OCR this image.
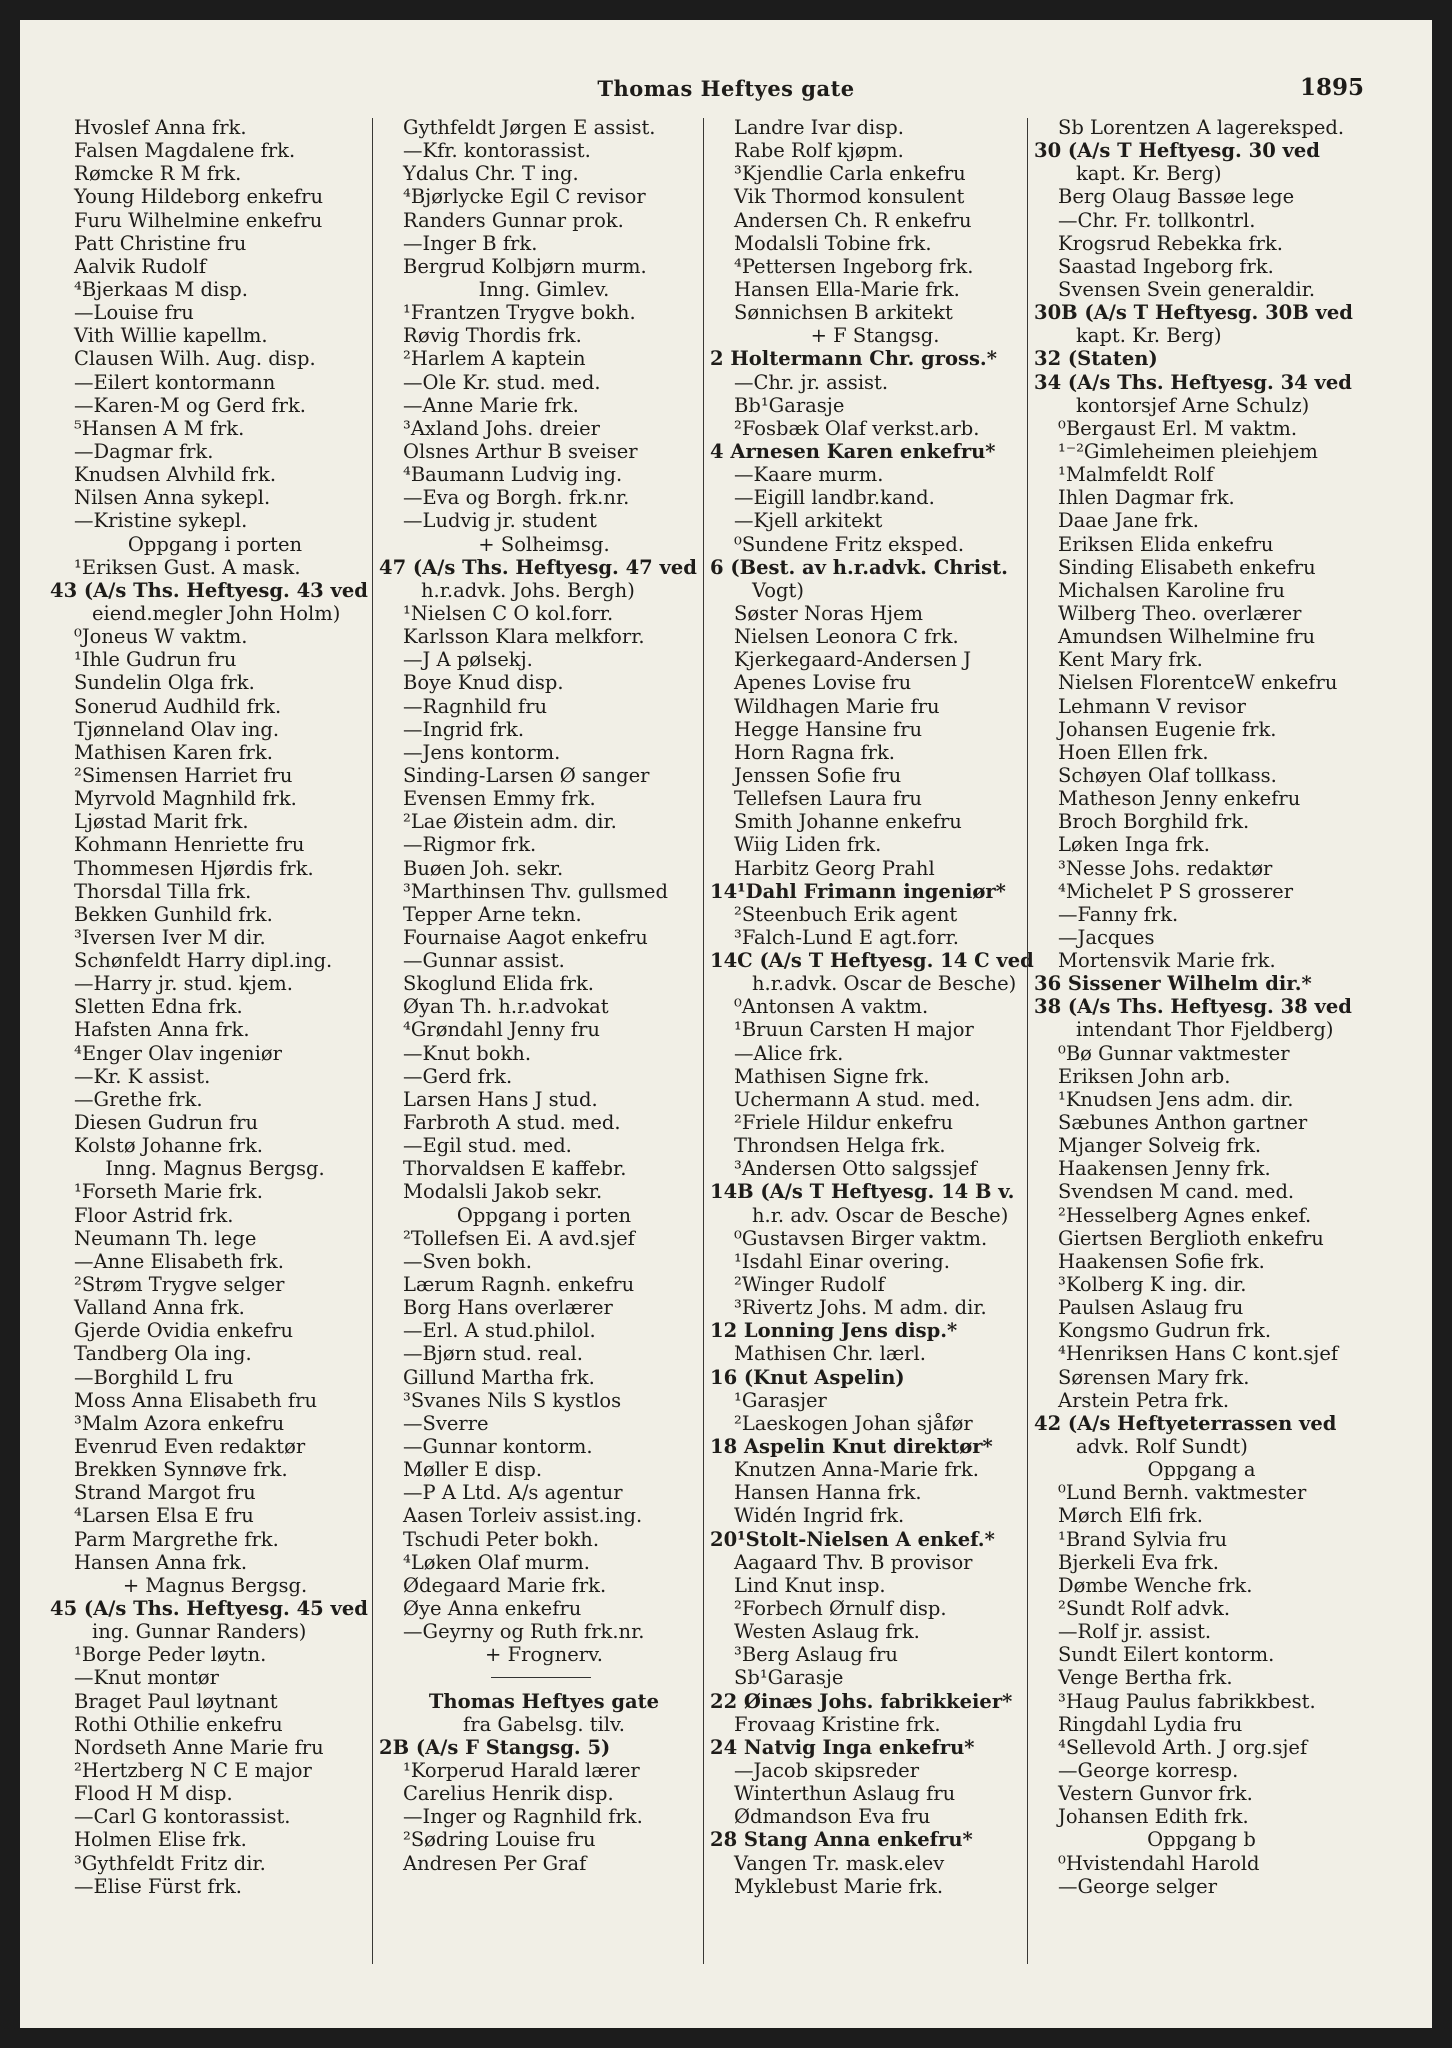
Thomas Heftyes gate	1895
Hvoslef Anna frk.
Falsen Magdalene frk.
Rømcke R M frk.
Young Hildeborg enkefru
Furu Wilhelmine enkefru
Patt Christine fru
Aalvik Rudolf
⁴Bjerkaas M disp.
—Louise fru
Vith Willie kapellm.
Clausen Wilh. Aug. disp.
—Eilert kontormann
—Karen-M og Gerd frk.
⁵Hansen A M frk.
—Dagmar frk.
Knudsen Alvhild frk.
Nilsen Anna sykepl.
—Kristine sykepl.
Oppgang i porten
¹Eriksen Gust. A mask.
43 (A/s Ths. Heftyesg. 43 ved
eiend.megler John Holm)
⁰Joneus W vaktm.
¹Ihle Gudrun fru
Sundelin Olga frk.
Sonerud Audhild frk.
Tjønneland Olav ing.
Mathisen Karen frk.
²Simensen Harriet fru
Myrvold Magnhild frk.
Ljøstad Marit frk.
Kohmann Henriette fru
Thommesen Hjørdis frk.
Thorsdal Tilla frk.
Bekken Gunhild frk.
³Iversen Iver M dir.
Schønfeldt Harry dipl.ing.
—Harry jr. stud. kjem.
Sletten Edna frk.
Hafsten Anna frk.
⁴Enger Olav ingeniør
—Kr. K assist.
—Grethe frk.
Diesen Gudrun fru
Kolstø Johanne frk.
Inng. Magnus Bergsg.
¹Forseth Marie frk.
Floor Astrid frk.
Neumann Th. lege
—Anne Elisabeth frk.
²Strøm Trygve selger
Valland Anna frk.
Gjerde Ovidia enkefru
Tandberg Ola ing.
—Borghild L fru
Moss Anna Elisabeth fru
³Malm Azora enkefru
Evenrud Even redaktør
Brekken Synnøve frk.
Strand Margot fru
⁴Larsen Elsa E fru
Parm Margrethe frk.
Hansen Anna frk.
+ Magnus Bergsg.
45 (A/s Ths. Heftyesg. 45 ved
ing. Gunnar Randers)
¹Borge Peder løytn.
—Knut montør
Braget Paul løytnant
Rothi Othilie enkefru
Nordseth Anne Marie fru
²Hertzberg N C E major
Flood H M disp.
—Carl G kontorassist.
Holmen Elise frk.
³Gythfeldt Fritz dir.
—Elise Fürst frk.
Gythfeldt Jørgen E assist.
—Kfr. kontorassist.
Ydalus Chr. T ing.
⁴Bjørlycke Egil C revisor
Randers Gunnar prok.
—Inger B frk.
Bergrud Kolbjørn murm.
Inng. Gimlev.
¹Frantzen Trygve bokh.
Røvig Thordis frk.
²Harlem A kaptein
—Ole Kr. stud. med.
—Anne Marie frk.
³Axland Johs. dreier
Olsnes Arthur B sveiser
⁴Baumann Ludvig ing.
—Eva og Borgh. frk.nr.
—Ludvig jr. student
+ Solheimsg.
47 (A/s Ths. Heftyesg. 47 ved
h.r.advk. Johs. Bergh)
¹Nielsen C O kol.forr.
Karlsson Klara melkforr.
—J A pølsekj.
Boye Knud disp.
—Ragnhild fru
—Ingrid frk.
—Jens kontorm.
Sinding-Larsen Ø sanger
Evensen Emmy frk.
²Lae Øistein adm. dir.
—Rigmor frk.
Buøen Joh. sekr.
³Marthinsen Thv. gullsmed
Tepper Arne tekn.
Fournaise Aagot enkefru
—Gunnar assist.
Skoglund Elida frk.
Øyan Th. h.r.advokat
⁴Grøndahl Jenny fru
—Knut bokh.
—Gerd frk.
Larsen Hans J stud.
Farbroth A stud. med.
—Egil stud. med.
Thorvaldsen E kaffebr.
Modalsli Jakob sekr.
Oppgang i porten
²Tollefsen Ei. A avd.sjef
—Sven bokh.
Lærum Ragnh. enkefru
Borg Hans overlærer
—Erl. A stud.philol.
—Bjørn stud. real.
Gillund Martha frk.
³Svanes Nils S kystlos
—Sverre
—Gunnar kontorm.
Møller E disp.
—P A Ltd. A/s agentur
Aasen Torleiv assist.ing.
Tschudi Peter bokh.
⁴Løken Olaf murm.
Ødegaard Marie frk.
Øye Anna enkefru
—Geyrny og Ruth frk.nr.
+ Frognerv.
Thomas Heftyes gate
fra Gabelsg. tilv.
2B (A/s F Stangsg. 5)
¹Korperud Harald lærer
Carelius Henrik disp.
—Inger og Ragnhild frk.
²Sødring Louise fru
Andresen Per Graf
Landre Ivar disp.
Rabe Rolf kjøpm.
³Kjendlie Carla enkefru
Vik Thormod konsulent
Andersen Ch. R enkefru
Modalsli Tobine frk.
⁴Pettersen Ingeborg frk.
Hansen Ella-Marie frk.
Sønnichsen B arkitekt
+ F Stangsg.
2 Holtermann Chr. gross.*
—Chr. jr. assist.
Bb¹Garasje
²Fosbæk Olaf verkst.arb.
4 Arnesen Karen enkefru*
—Kaare murm.
—Eigill landbr.kand.
—Kjell arkitekt
⁰Sundene Fritz eksped.
6 (Best. av h.r.advk. Christ.
Vogt)
Søster Noras Hjem
Nielsen Leonora C frk.
Kjerkegaard-Andersen J
Apenes Lovise fru
Wildhagen Marie fru
Hegge Hansine fru
Horn Ragna frk.
Jenssen Sofie fru
Tellefsen Laura fru
Smith Johanne enkefru
Wiig Liden frk.
Harbitz Georg Prahl
14¹Dahl Frimann ingeniør*
²Steenbuch Erik agent
³Falch-Lund E agt.forr.
14C (A/s T Heftyesg. 14 C ved
h.r.advk. Oscar de Besche)
⁰Antonsen A vaktm.
¹Bruun Carsten H major
—Alice frk.
Mathisen Signe frk.
Uchermann A stud. med.
²Friele Hildur enkefru
Throndsen Helga frk.
³Andersen Otto salgssjef
14B (A/s T Heftyesg. 14 B v.
h.r. adv. Oscar de Besche)
⁰Gustavsen Birger vaktm.
¹Isdahl Einar overing.
²Winger Rudolf
³Rivertz Johs. M adm. dir.
12 Lonning Jens disp.*
Mathisen Chr. lærl.
16 (Knut Aspelin)
¹Garasjer
²Laeskogen Johan sjåfør
18 Aspelin Knut direktør*
Knutzen Anna-Marie frk.
Hansen Hanna frk.
Widén Ingrid frk.
20¹Stolt-Nielsen A enkef.*
Aagaard Thv. B provisor
Lind Knut insp.
²Forbech Ørnulf disp.
Westen Aslaug frk.
³Berg Aslaug fru
Sb¹Garasje
22 Øinæs Johs. fabrikkeier*
Frovaag Kristine frk.
24 Natvig Inga enkefru*
—Jacob skipsreder
Winterthun Aslaug fru
Ødmandson Eva fru
28 Stang Anna enkefru*
Vangen Tr. mask.elev
Myklebust Marie frk.
Sb Lorentzen A lagereksped.
30 (A/s T Heftyesg. 30 ved
kapt. Kr. Berg)
Berg Olaug Bassøe lege
—Chr. Fr. tollkontrl.
Krogsrud Rebekka frk.
Saastad Ingeborg frk.
Svensen Svein generaldir.
30B (A/s T Heftyesg. 30B ved
kapt. Kr. Berg)
32 (Staten)
34 (A/s Ths. Heftyesg. 34 ved
kontorsjef Arne Schulz)
⁰Bergaust Erl. M vaktm.
¹⁻²Gimleheimen pleiehjem
¹Malmfeldt Rolf
Ihlen Dagmar frk.
Daae Jane frk.
Eriksen Elida enkefru
Sinding Elisabeth enkefru
Michalsen Karoline fru
Wilberg Theo. overlærer
Amundsen Wilhelmine fru
Kent Mary frk.
Nielsen FlorentceW enkefru
Lehmann V revisor
Johansen Eugenie frk.
Hoen Ellen frk.
Schøyen Olaf tollkass.
Matheson Jenny enkefru
Broch Borghild frk.
Løken Inga frk.
³Nesse Johs. redaktør
⁴Michelet P S grosserer
—Fanny frk.
—Jacques
Mortensvik Marie frk.
36 Sissener Wilhelm dir.*
38 (A/s Ths. Heftyesg. 38 ved
intendant Thor Fjeldberg)
⁰Bø Gunnar vaktmester
Eriksen John arb.
¹Knudsen Jens adm. dir.
Sæbunes Anthon gartner
Mjanger Solveig frk.
Haakensen Jenny frk.
Svendsen M cand. med.
²Hesselberg Agnes enkef.
Giertsen Berglioth enkefru
Haakensen Sofie frk.
³Kolberg K ing. dir.
Paulsen Aslaug fru
Kongsmo Gudrun frk.
⁴Henriksen Hans C kont.sjef
Sørensen Mary frk.
Arstein Petra frk.
42 (A/s Heftyeterrassen ved
advk. Rolf Sundt)
Oppgang a
⁰Lund Bernh. vaktmester
Mørch Elfi frk.
¹Brand Sylvia fru
Bjerkeli Eva frk.
Dømbe Wenche frk.
²Sundt Rolf advk.
—Rolf jr. assist.
Sundt Eilert kontorm.
Venge Bertha frk.
³Haug Paulus fabrikkbest.
Ringdahl Lydia fru
⁴Sellevold Arth. J org.sjef
—George korresp.
Vestern Gunvor frk.
Johansen Edith frk.
Oppgang b
⁰Hvistendahl Harold
—George selger
